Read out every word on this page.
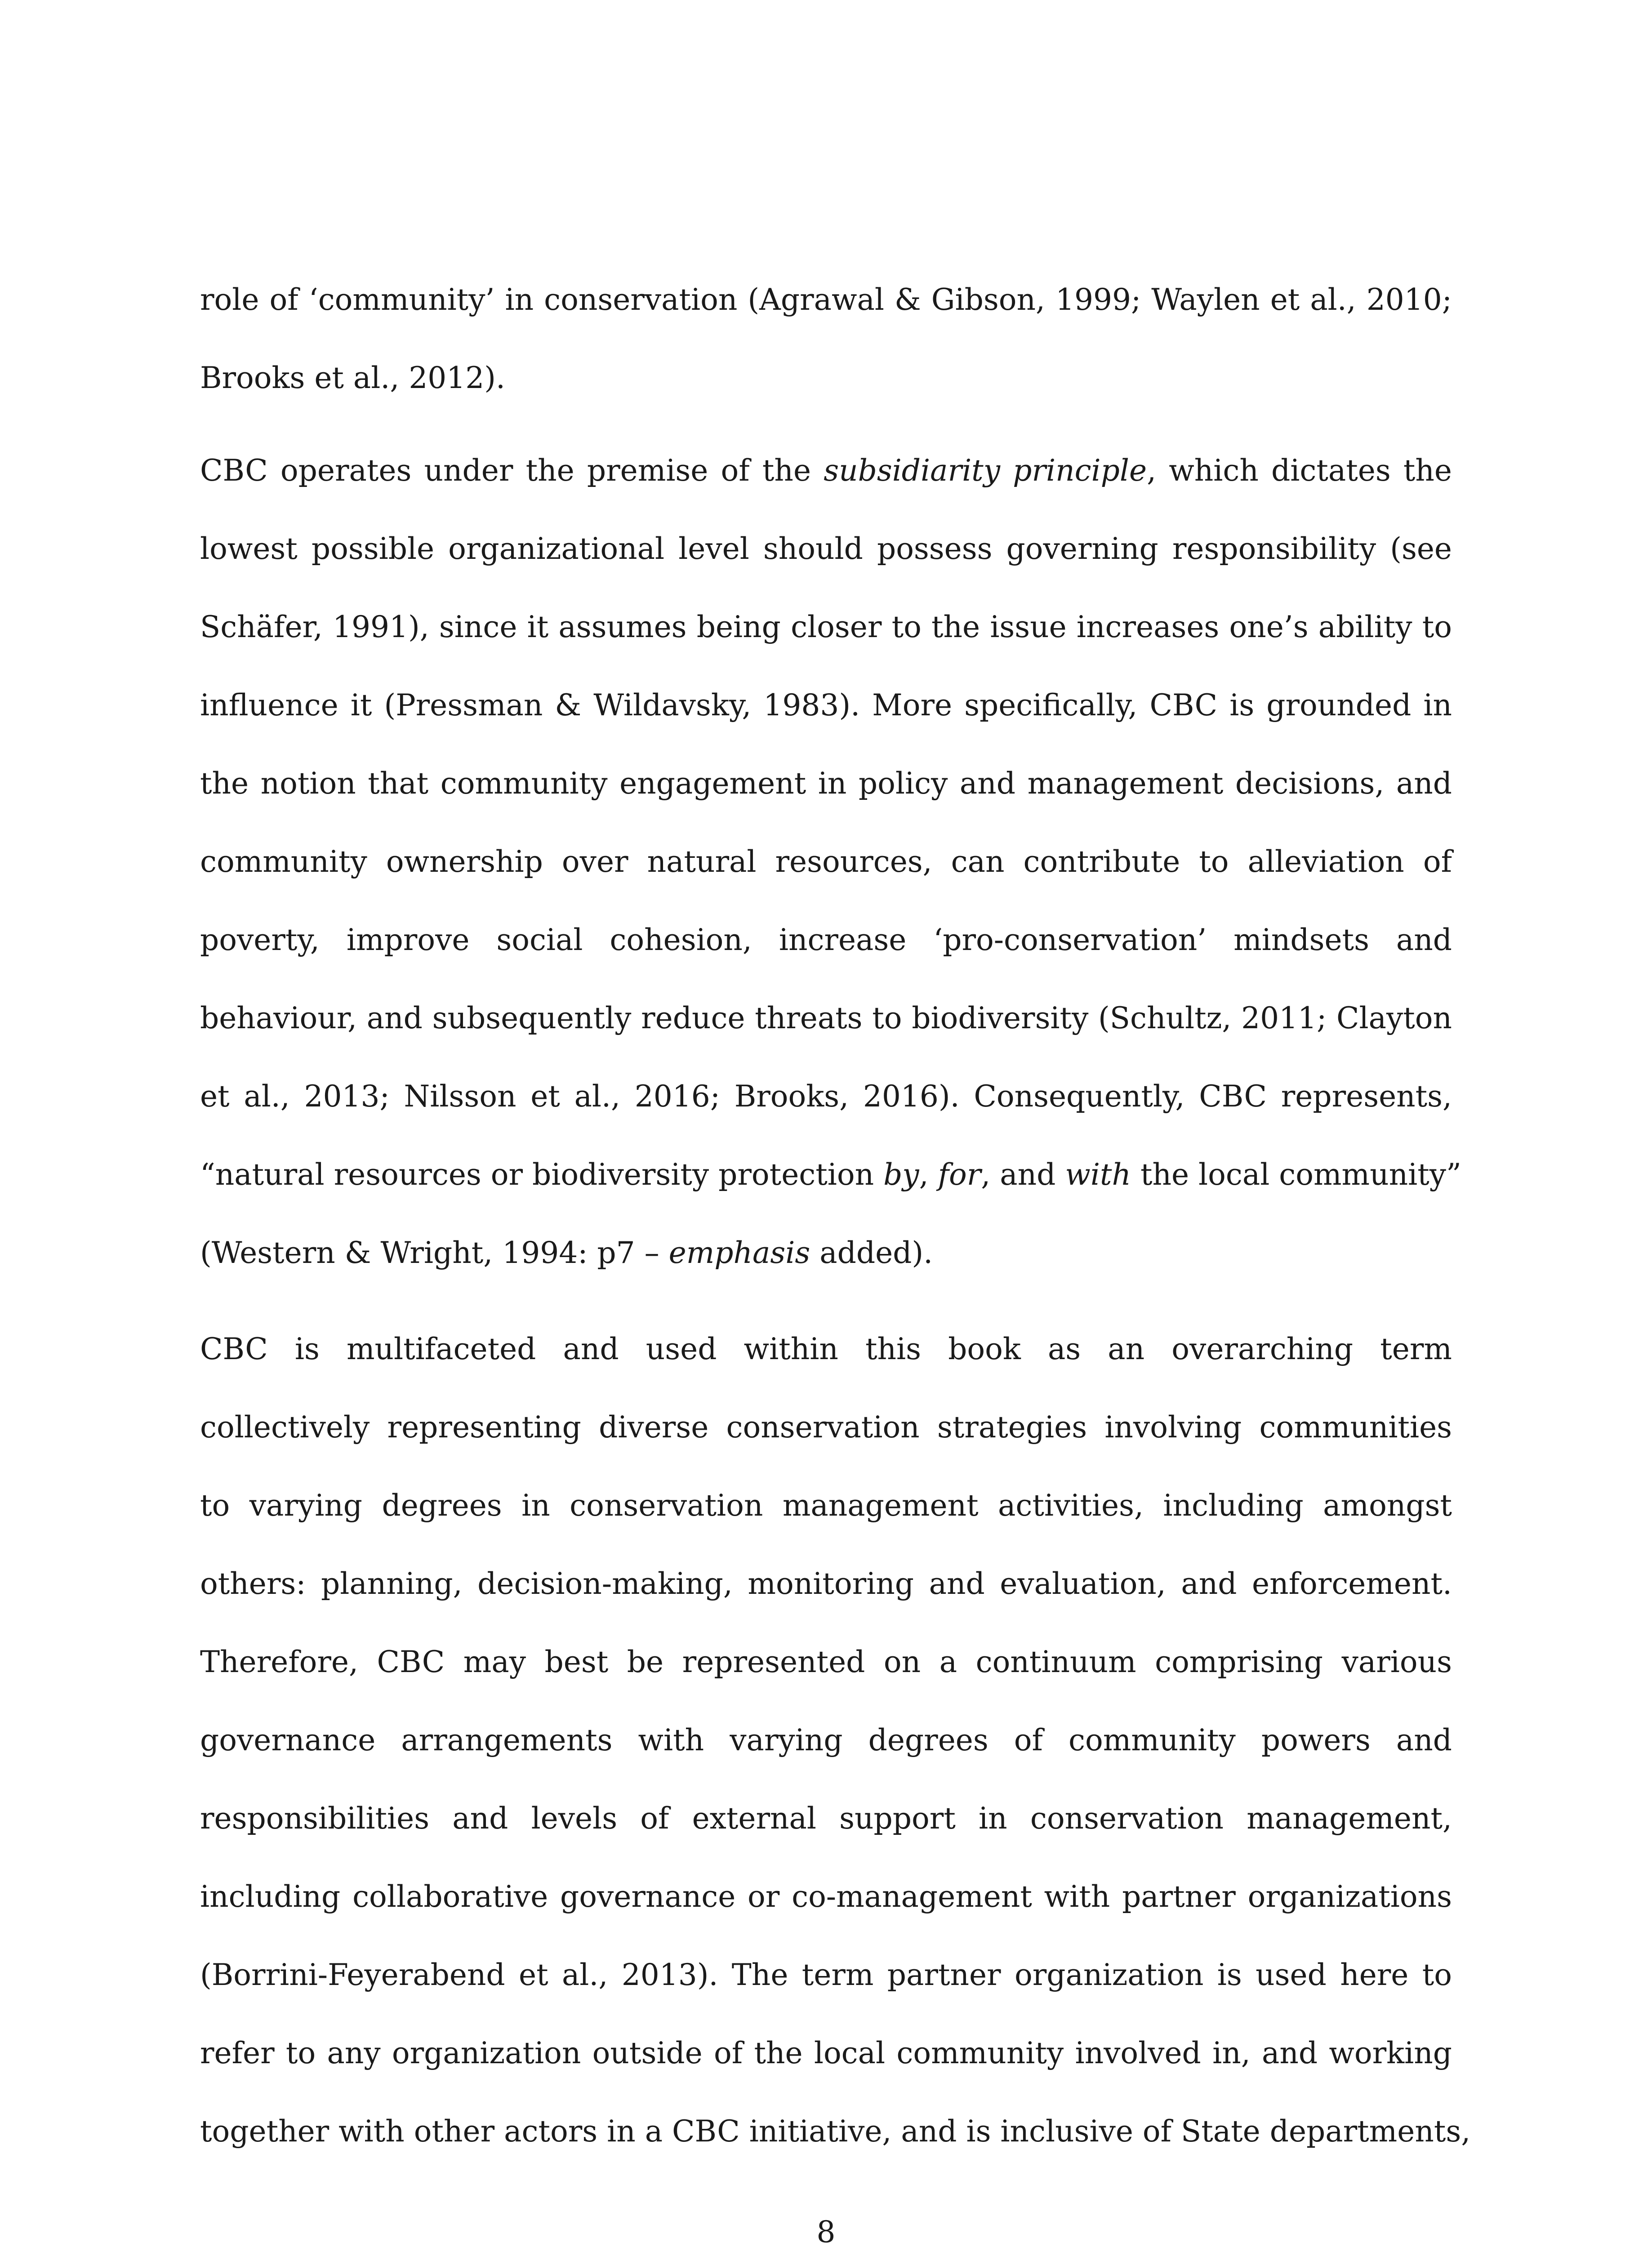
role of ‘community’ in conservation (Agrawal & Gibson, 1999; Waylen et al., 2010;
Brooks et al., 2012).
CBC operates under the premise of the subsidiarity principle, which dictates the
lowest possible organizational level should possess governing responsibility (see
Schäfer, 1991), since it assumes being closer to the issue increases one’s ability to
influence it (Pressman & Wildavsky, 1983). More specifically, CBC is grounded in
the notion that community engagement in policy and management decisions, and
community ownership over natural resources, can contribute to alleviation of
poverty, improve social cohesion, increase ‘pro-conservation’ mindsets and
behaviour, and subsequently reduce threats to biodiversity (Schultz, 2011; Clayton
et al., 2013; Nilsson et al., 2016; Brooks, 2016). Consequently, CBC represents,
“natural resources or biodiversity protection by, for, and with the local community”
(Western & Wright, 1994: p7 – emphasis added).
CBC is multifaceted and used within this book as an overarching term
collectively representing diverse conservation strategies involving communities
to varying degrees in conservation management activities, including amongst
others: planning, decision-making, monitoring and evaluation, and enforcement.
Therefore, CBC may best be represented on a continuum comprising various
governance arrangements with varying degrees of community powers and
responsibilities and levels of external support in conservation management,
including collaborative governance or co-management with partner organizations
(Borrini-Feyerabend et al., 2013). The term partner organization is used here to
refer to any organization outside of the local community involved in, and working
together with other actors in a CBC initiative, and is inclusive of State departments,
8
